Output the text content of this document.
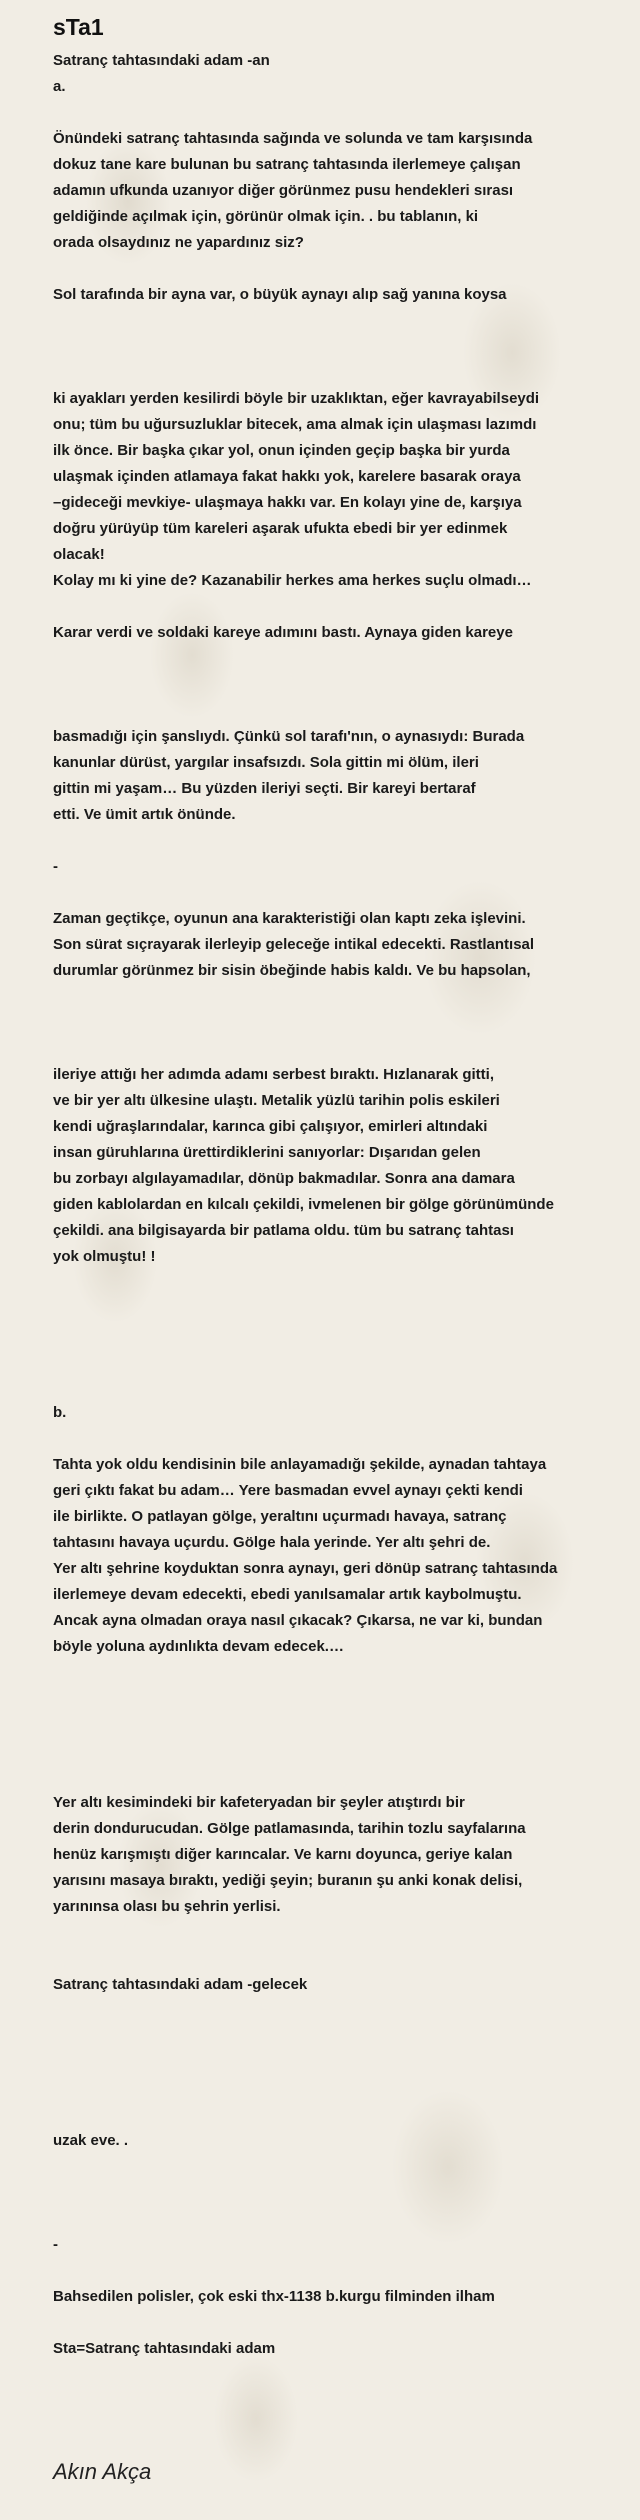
sTa1
Satranç tahtasındaki adam -an
a.
Önündeki satranç tahtasında sağında ve solunda ve tam karşısında
dokuz tane kare bulunan bu satranç tahtasında ilerlemeye çalışan
adamın ufkunda uzanıyor diğer görünmez pusu hendekleri sırası
geldiğinde açılmak için, görünür olmak için. . bu tablanın, ki
orada olsaydınız ne yapardınız siz?
Sol tarafında bir ayna var, o büyük aynayı alıp sağ yanına koysa
ki ayakları yerden kesilirdi böyle bir uzaklıktan, eğer kavrayabilseydi
onu; tüm bu uğursuzluklar bitecek, ama almak için ulaşması lazımdı
ilk önce. Bir başka çıkar yol, onun içinden geçip başka bir yurda
ulaşmak içinden atlamaya fakat hakkı yok, karelere basarak oraya
–gideceği mevkiye- ulaşmaya hakkı var. En kolayı yine de, karşıya
doğru yürüyüp tüm kareleri aşarak ufukta ebedi bir yer edinmek
olacak!
Kolay mı ki yine de? Kazanabilir herkes ama herkes suçlu olmadı…
Karar verdi ve soldaki kareye adımını bastı. Aynaya giden kareye
basmadığı için şanslıydı. Çünkü sol tarafı'nın, o aynasıydı: Burada
kanunlar dürüst, yargılar insafsızdı. Sola gittin mi ölüm, ileri
gittin mi yaşam… Bu yüzden ileriyi seçti. Bir kareyi bertaraf
etti. Ve ümit artık önünde.
-
Zaman geçtikçe, oyunun ana karakteristiği olan kaptı zeka işlevini.
Son sürat sıçrayarak ilerleyip geleceğe intikal edecekti. Rastlantısal
durumlar görünmez bir sisin öbeğinde habis kaldı. Ve bu hapsolan,
ileriye attığı her adımda adamı serbest bıraktı. Hızlanarak gitti,
ve bir yer altı ülkesine ulaştı. Metalik yüzlü tarihin polis eskileri
kendi uğraşlarındalar, karınca gibi çalışıyor, emirleri altındaki
insan güruhlarına ürettirdiklerini sanıyorlar: Dışarıdan gelen
bu zorbayı algılayamadılar, dönüp bakmadılar. Sonra ana damara
giden kablolardan en kılcalı çekildi, ivmelenen bir gölge görünümünde
çekildi. ana bilgisayarda bir patlama oldu. tüm bu satranç tahtası
yok olmuştu! !
b.
Tahta yok oldu kendisinin bile anlayamadığı şekilde, aynadan tahtaya
geri çıktı fakat bu adam… Yere basmadan evvel aynayı çekti kendi
ile birlikte. O patlayan gölge, yeraltını uçurmadı havaya, satranç
tahtasını havaya uçurdu. Gölge hala yerinde. Yer altı şehri de.
Yer altı şehrine koyduktan sonra aynayı, geri dönüp satranç tahtasında
ilerlemeye devam edecekti, ebedi yanılsamalar artık kaybolmuştu.
Ancak ayna olmadan oraya nasıl çıkacak? Çıkarsa, ne var ki, bundan
böyle yoluna aydınlıkta devam edecek.…
Yer altı kesimindeki bir kafeteryadan bir şeyler atıştırdı bir
derin dondurucudan. Gölge patlamasında, tarihin tozlu sayfalarına
henüz karışmıştı diğer karıncalar. Ve karnı doyunca, geriye kalan
yarısını masaya bıraktı, yediği şeyin; buranın şu anki konak delisi,
yarınınsa olası bu şehrin yerlisi.
Satranç tahtasındaki adam -gelecek
uzak eve. .
-
Bahsedilen polisler, çok eski thx-1138 b.kurgu filminden ilham
Sta=Satranç tahtasındaki adam
Akın Akça
